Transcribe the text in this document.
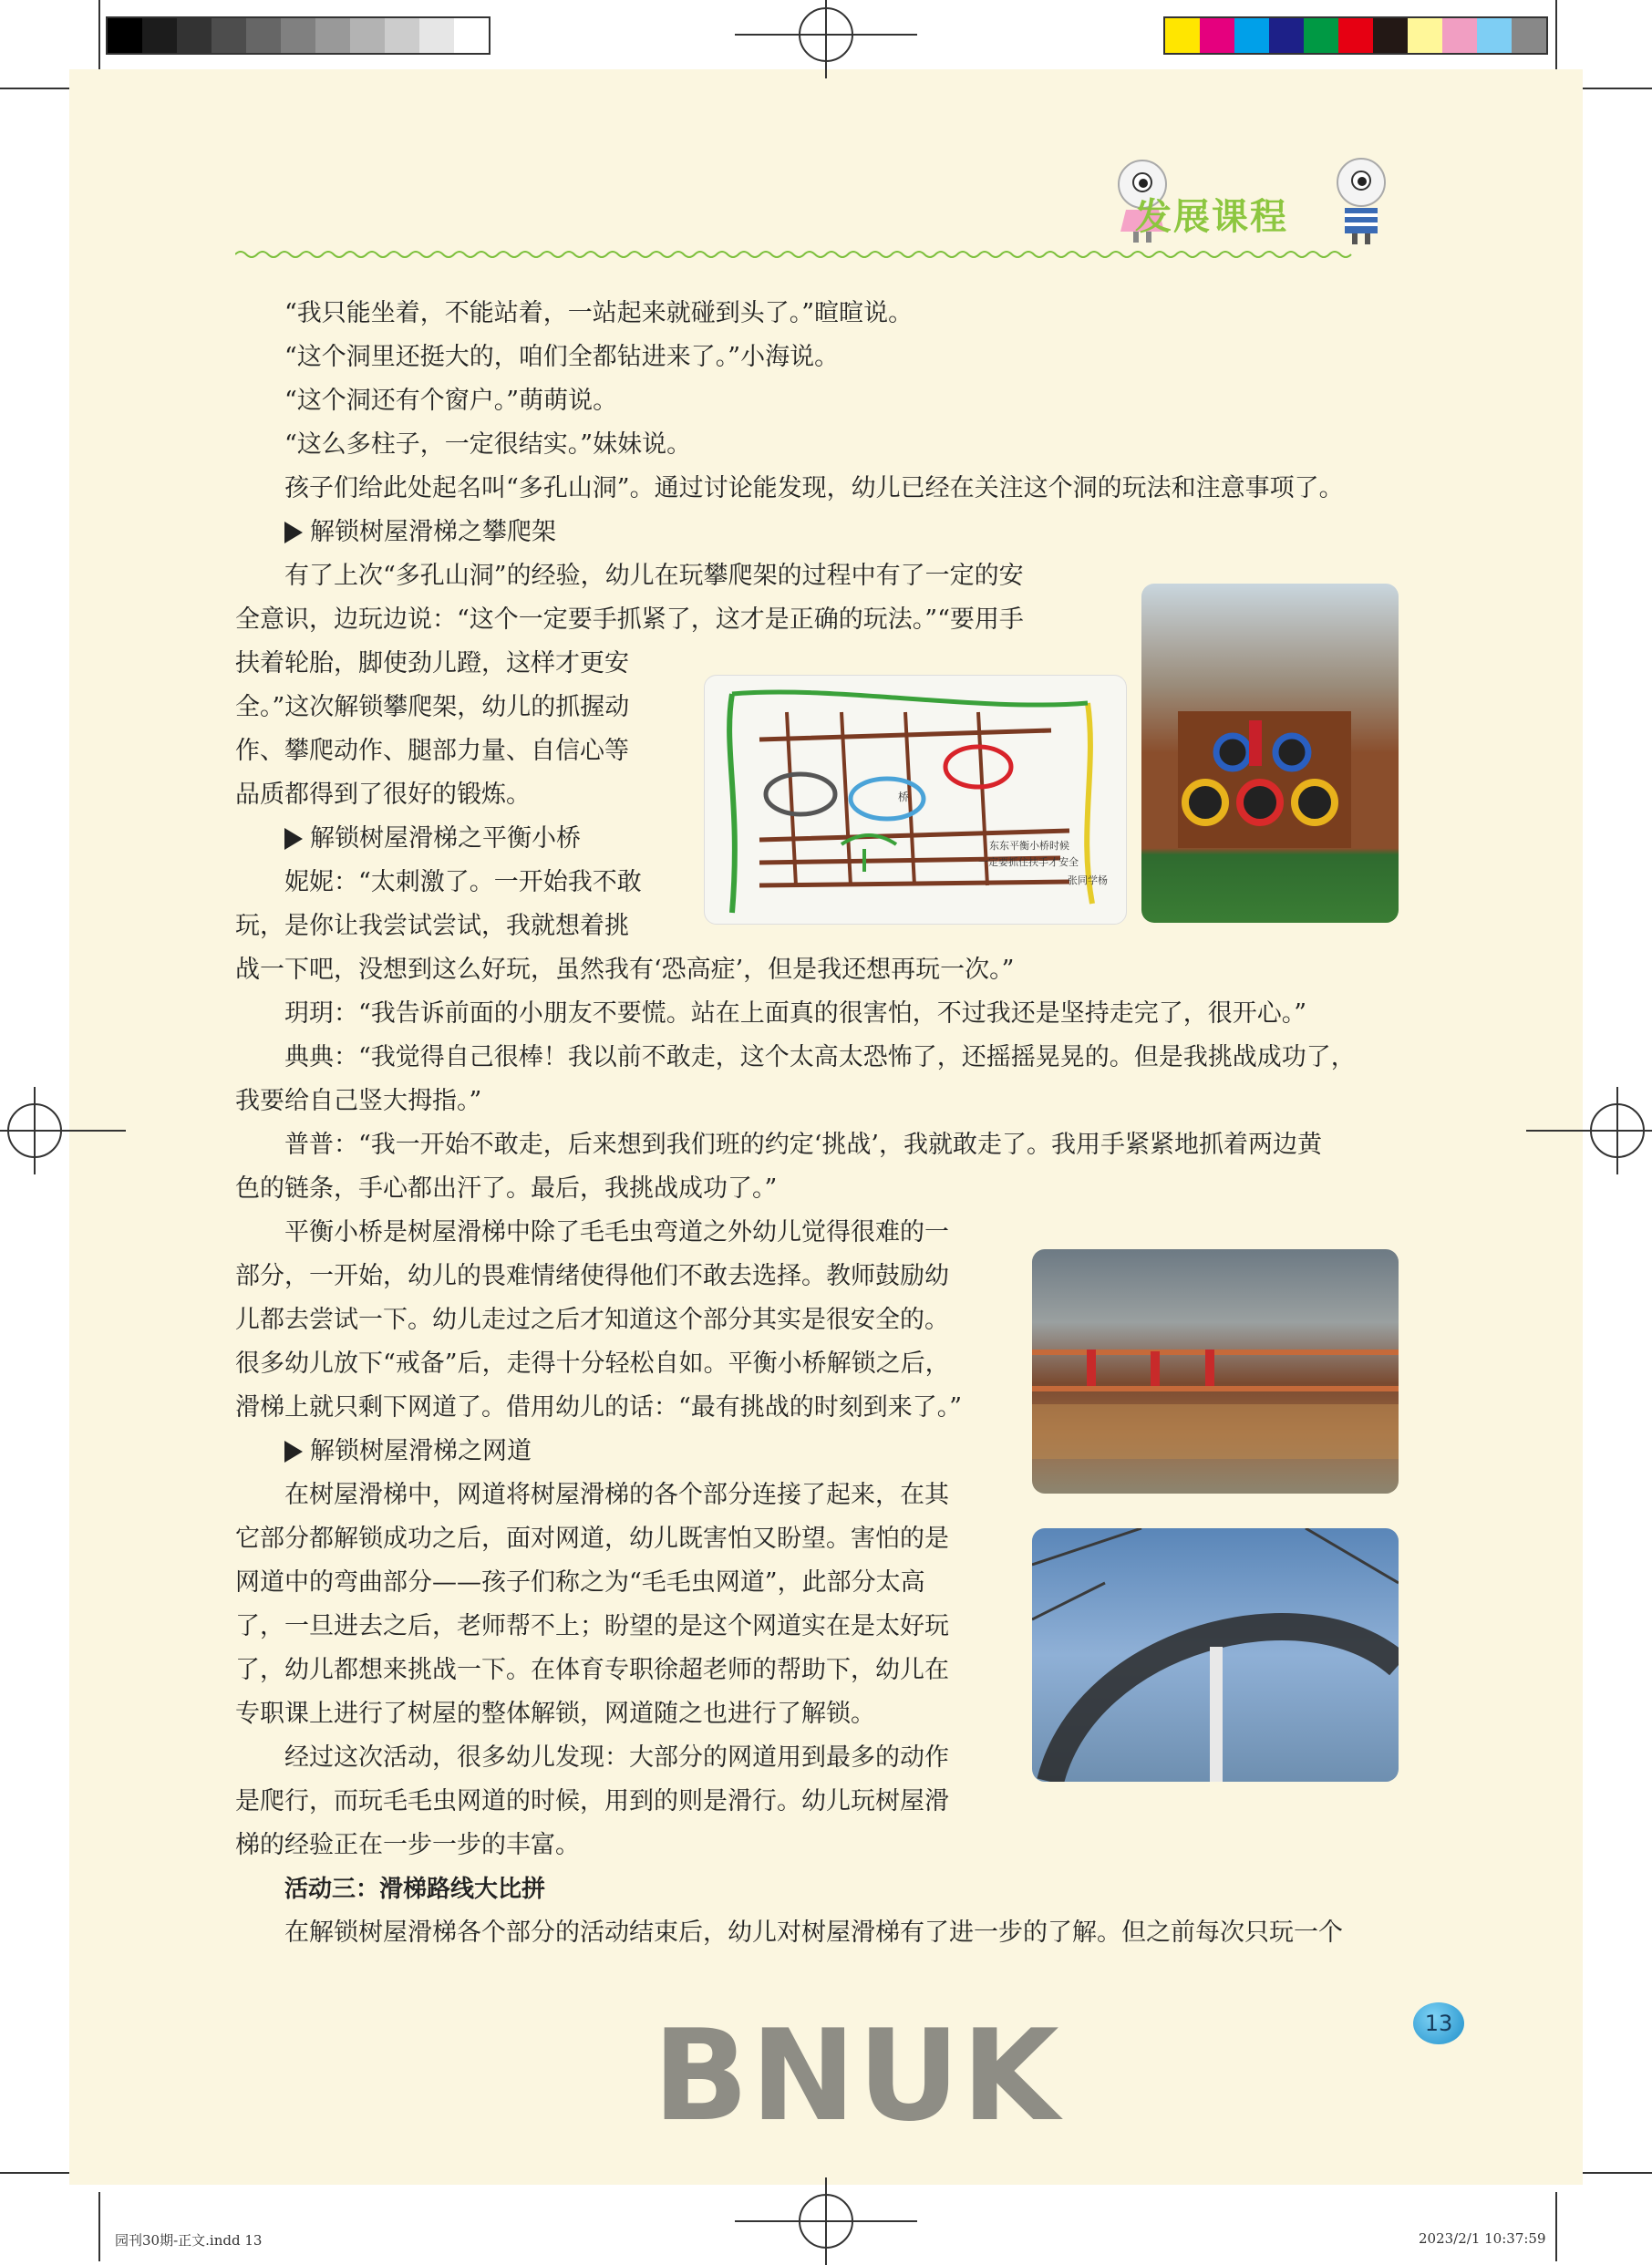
发展课程

“我只能坐着，不能站着，一站起来就碰到头了。”暄暄说。

“这个洞里还挺大的，咱们全都钻进来了。”小海说。

“这个洞还有个窗户。”萌萌说。

“这么多柱子，一定很结实。”妹妹说。

孩子们给此处起名叫“多孔山洞”。通过讨论能发现，幼儿已经在关注这个洞的玩法和注意事项了。

解锁树屋滑梯之攀爬架

有了上次“多孔山洞”的经验，幼儿在玩攀爬架的过程中有了一定的安

全意识，边玩边说：“这个一定要手抓紧了，这才是正确的玩法。”“要用手

扶着轮胎，脚使劲儿蹬，这样才更安

全。”这次解锁攀爬架，幼儿的抓握动

作、攀爬动作、腿部力量、自信心等

品质都得到了很好的锻炼。

解锁树屋滑梯之平衡小桥

妮妮：“太刺激了。一开始我不敢

玩，是你让我尝试尝试，我就想着挑

战一下吧，没想到这么好玩，虽然我有‘恐高症’，但是我还想再玩一次。”

玥玥：“我告诉前面的小朋友不要慌。站在上面真的很害怕，不过我还是坚持走完了，很开心。”

典典：“我觉得自己很棒！我以前不敢走，这个太高太恐怖了，还摇摇晃晃的。但是我挑战成功了，

我要给自己竖大拇指。”

普普：“我一开始不敢走，后来想到我们班的约定‘挑战’，我就敢走了。我用手紧紧地抓着两边黄

色的链条，手心都出汗了。最后，我挑战成功了。”

平衡小桥是树屋滑梯中除了毛毛虫弯道之外幼儿觉得很难的一

部分，一开始，幼儿的畏难情绪使得他们不敢去选择。教师鼓励幼

儿都去尝试一下。幼儿走过之后才知道这个部分其实是很安全的。

很多幼儿放下“戒备”后，走得十分轻松自如。平衡小桥解锁之后，

滑梯上就只剩下网道了。借用幼儿的话：“最有挑战的时刻到来了。”

解锁树屋滑梯之网道

在树屋滑梯中，网道将树屋滑梯的各个部分连接了起来，在其

它部分都解锁成功之后，面对网道，幼儿既害怕又盼望。害怕的是

网道中的弯曲部分——孩子们称之为“毛毛虫网道”，此部分太高

了，一旦进去之后，老师帮不上；盼望的是这个网道实在是太好玩

了，幼儿都想来挑战一下。在体育专职徐超老师的帮助下，幼儿在

专职课上进行了树屋的整体解锁，网道随之也进行了解锁。

经过这次活动，很多幼儿发现：大部分的网道用到最多的动作

是爬行，而玩毛毛虫网道的时候，用到的则是滑行。幼儿玩树屋滑

梯的经验正在一步一步的丰富。

活动三：滑梯路线大比拼

在解锁树屋滑梯各个部分的活动结束后，幼儿对树屋滑梯有了进一步的了解。但之前每次只玩一个

桥
东东平衡小桥时候
一定要抓住扶手才安全
张同学杨
13
BNUK
园刊30期-正文.indd 13	2023/2/1 10:37:59
